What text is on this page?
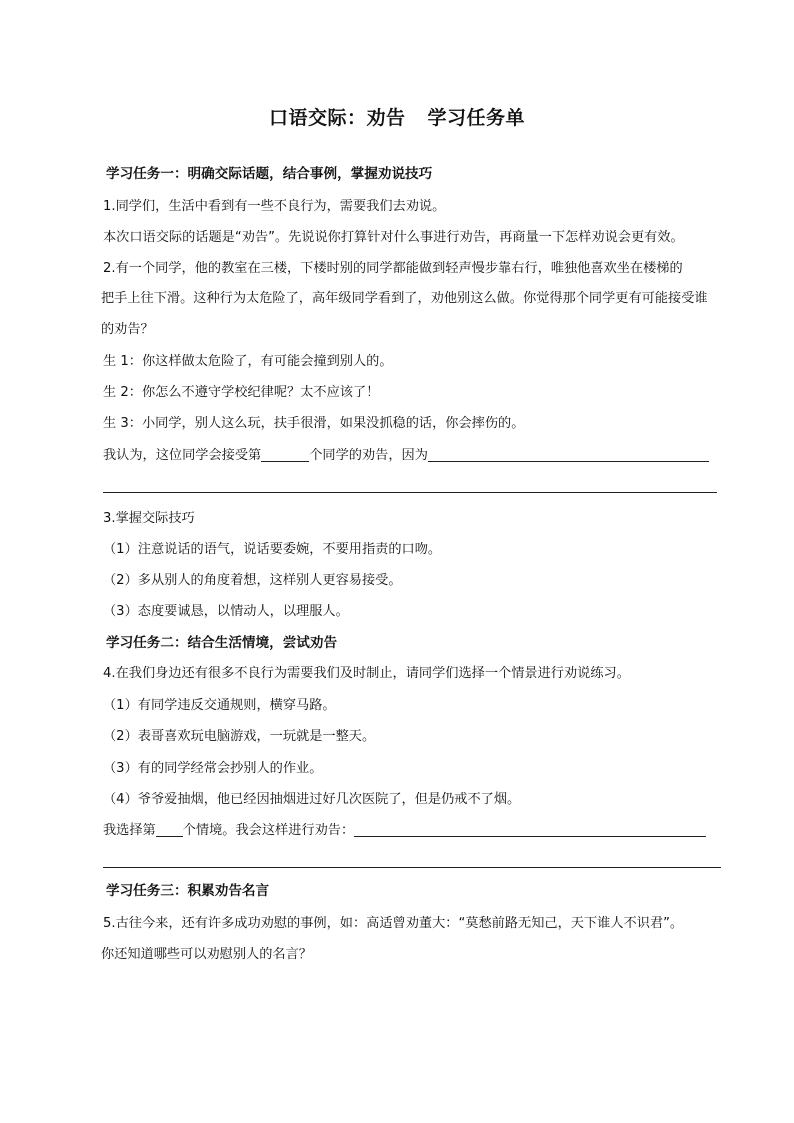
口语交际：劝告 学习任务单
学习任务一：明确交际话题，结合事例，掌握劝说技巧
1.同学们，生活中看到有一些不良行为，需要我们去劝说。
本次口语交际的话题是“劝告”。先说说你打算针对什么事进行劝告，再商量一下怎样劝说会更有效。
2.有一个同学，他的教室在三楼，下楼时别的同学都能做到轻声慢步靠右行，唯独他喜欢坐在楼梯的
把手上往下滑。这种行为太危险了，高年级同学看到了，劝他别这么做。你觉得那个同学更有可能接受谁
的劝告？
生 1：你这样做太危险了，有可能会撞到别人的。
生 2：你怎么不遵守学校纪律呢？太不应该了！
生 3：小同学，别人这么玩，扶手很滑，如果没抓稳的话，你会摔伤的。
我认为，这位同学会接受第	个同学的劝告，因为
3.掌握交际技巧
（1）注意说话的语气，说话要委婉，不要用指责的口吻。
（2）多从别人的角度着想，这样别人更容易接受。
（3）态度要诚恳，以情动人，以理服人。
学习任务二：结合生活情境，尝试劝告
4.在我们身边还有很多不良行为需要我们及时制止，请同学们选择一个情景进行劝说练习。
（1）有同学违反交通规则，横穿马路。
（2）表哥喜欢玩电脑游戏，一玩就是一整天。
（3）有的同学经常会抄别人的作业。
（4）爷爷爱抽烟，他已经因抽烟进过好几次医院了，但是仍戒不了烟。
我选择第 个情境。我会这样进行劝告：
学习任务三：积累劝告名言
5.古往今来，还有许多成功劝慰的事例，如：高适曾劝董大：“莫愁前路无知己，天下谁人不识君”。
你还知道哪些可以劝慰别人的名言？
